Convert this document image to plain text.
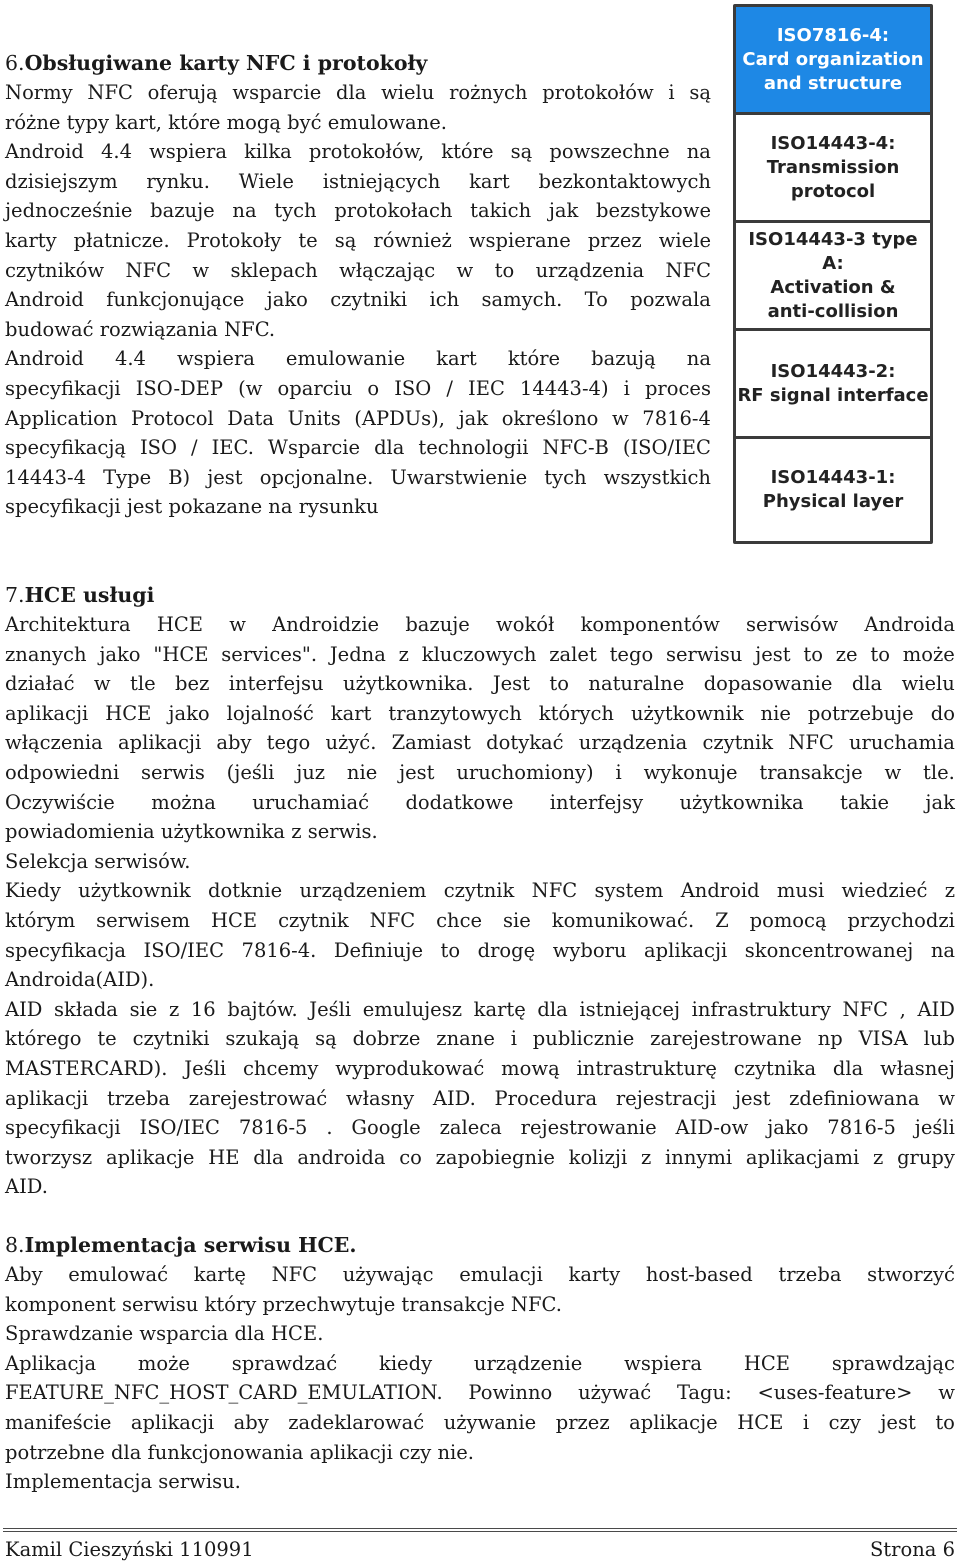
6.Obsługiwane karty NFC i protokoły
Normy NFC oferują wsparcie dla wielu rożnych protokołów i są
różne typy kart, które mogą być emulowane.
Android 4.4 wspiera kilka protokołów, które są powszechne na
dzisiejszym rynku. Wiele istniejących kart bezkontaktowych
jednocześnie bazuje na tych protokołach takich jak bezstykowe
karty płatnicze. Protokoły te są również wspierane przez wiele
czytników NFC w sklepach włączając w to urządzenia NFC
Android funkcjonujące jako czytniki ich samych. To pozwala
budować rozwiązania NFC.
Android 4.4 wspiera emulowanie kart które bazują na
specyfikacji ISO-DEP (w oparciu o ISO / IEC 14443-4) i proces
Application Protocol Data Units (APDUs), jak określono w 7816-4
specyfikacją ISO / IEC. Wsparcie dla technologii NFC-B (ISO/IEC
14443-4 Type B) jest opcjonalne. Uwarstwienie tych wszystkich
specyfikacji jest pokazane na rysunku
ISO7816-4:
Card organization
and structure
ISO14443-4:
Transmission
protocol
ISO14443-3 type A:
Activation &
anti-collision
ISO14443-2:
RF signal interface
ISO14443-1:
Physical layer
7.HCE usługi
Architektura HCE w Androidzie bazuje wokół komponentów serwisów Androida
znanych jako "HCE services". Jedna z kluczowych zalet tego serwisu jest to ze to może
działać w tle bez interfejsu użytkownika. Jest to naturalne dopasowanie dla wielu
aplikacji HCE jako lojalność kart tranzytowych których użytkownik nie potrzebuje do
włączenia aplikacji aby tego użyć. Zamiast dotykać urządzenia czytnik NFC uruchamia
odpowiedni serwis (jeśli juz nie jest uruchomiony) i wykonuje transakcje w tle.
Oczywiście można uruchamiać dodatkowe interfejsy użytkownika takie jak
powiadomienia użytkownika z serwis.
Selekcja serwisów.
Kiedy użytkownik dotknie urządzeniem czytnik NFC system Android musi wiedzieć z
którym serwisem HCE czytnik NFC chce sie komunikować. Z pomocą przychodzi
specyfikacja ISO/IEC 7816-4. Definiuje to drogę wyboru aplikacji skoncentrowanej na
Androida(AID).
AID składa sie z 16 bajtów. Jeśli emulujesz kartę dla istniejącej infrastruktury NFC , AID
którego te czytniki szukają są dobrze znane i publicznie zarejestrowane np VISA lub
MASTERCARD). Jeśli chcemy wyprodukować mową intrastrukturę czytnika dla własnej
aplikacji trzeba zarejestrować własny AID. Procedura rejestracji jest zdefiniowana w
specyfikacji ISO/IEC 7816-5 . Google zaleca rejestrowanie AID-ow jako 7816-5 jeśli
tworzysz aplikacje HE dla androida co zapobiegnie kolizji z innymi aplikacjami z grupy
AID.
8.Implementacja serwisu HCE.
Aby emulować kartę NFC używając emulacji karty host-based trzeba stworzyć
komponent serwisu który przechwytuje transakcje NFC.
Sprawdzanie wsparcia dla HCE.
Aplikacja może sprawdzać kiedy urządzenie wspiera HCE sprawdzając
FEATURE_NFC_HOST_CARD_EMULATION. Powinno używać Tagu: <uses-feature> w
manifeście aplikacji aby zadeklarować używanie przez aplikacje HCE i czy jest to
potrzebne dla funkcjonowania aplikacji czy nie.
Implementacja serwisu.
Kamil Cieszyński 110991	Strona 6
